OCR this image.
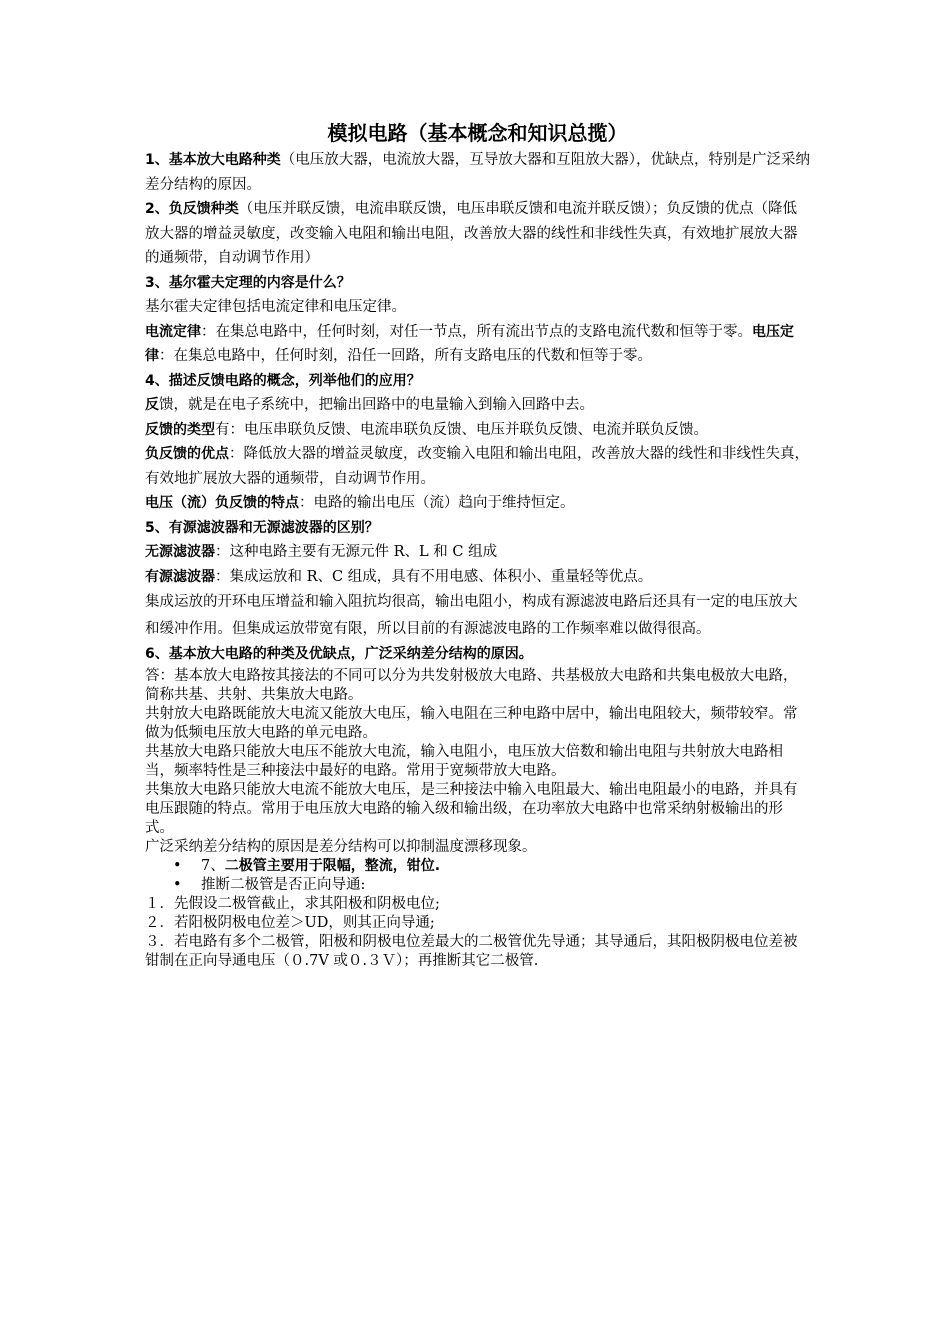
模拟电路（基本概念和知识总揽）

1、基本放大电路种类（电压放大器，电流放大器，互导放大器和互阻放大器），优缺点，特别是广泛采纳差分结构的原因。

2、负反馈种类（电压并联反馈，电流串联反馈，电压串联反馈和电流并联反馈）；负反馈的优点（降低放大器的增益灵敏度，改变输入电阻和输出电阻，改善放大器的线性和非线性失真，有效地扩展放大器的通频带，自动调节作用）

3、基尔霍夫定理的内容是什么？

基尔霍夫定律包括电流定律和电压定律。

电流定律：在集总电路中，任何时刻，对任一节点，所有流出节点的支路电流代数和恒等于零。电压定律：在集总电路中，任何时刻，沿任一回路，所有支路电压的代数和恒等于零。

4、描述反馈电路的概念，列举他们的应用？

反馈，就是在电子系统中，把输出回路中的电量输入到输入回路中去。

反馈的类型有：电压串联负反馈、电流串联负反馈、电压并联负反馈、电流并联负反馈。

负反馈的优点：降低放大器的增益灵敏度，改变输入电阻和输出电阻，改善放大器的线性和非线性失真，有效地扩展放大器的通频带，自动调节作用。

电压（流）负反馈的特点：电路的输出电压（流）趋向于维持恒定。

5、有源滤波器和无源滤波器的区别？

无源滤波器：这种电路主要有无源元件 R、L 和 C 组成

有源滤波器：集成运放和 R、C 组成，具有不用电感、体积小、重量轻等优点。

集成运放的开环电压增益和输入阻抗均很高，输出电阻小，构成有源滤波电路后还具有一定的电压放大和缓冲作用。但集成运放带宽有限，所以目前的有源滤波电路的工作频率难以做得很高。

6、基本放大电路的种类及优缺点，广泛采纳差分结构的原因。

答：基本放大电路按其接法的不同可以分为共发射极放大电路、共基极放大电路和共集电极放大电路，简称共基、共射、共集放大电路。

共射放大电路既能放大电流又能放大电压，输入电阻在三种电路中居中，输出电阻较大，频带较窄。常做为低频电压放大电路的单元电路。

共基放大电路只能放大电压不能放大电流，输入电阻小，电压放大倍数和输出电阻与共射放大电路相当，频率特性是三种接法中最好的电路。常用于宽频带放大电路。

共集放大电路只能放大电流不能放大电压，是三种接法中输入电阻最大、输出电阻最小的电路，并具有电压跟随的特点。常用于电压放大电路的输入级和输出级，在功率放大电路中也常采纳射极输出的形式。

广泛采纳差分结构的原因是差分结构可以抑制温度漂移现象。

• 7、二极管主要用于限幅，整流，钳位.

• 推断二极管是否正向导通:

１．先假设二极管截止，求其阳极和阴极电位;

２．若阳极阴极电位差＞UD，则其正向导通;

３．若电路有多个二极管，阳极和阴极电位差最大的二极管优先导通；其导通后，其阳极阴极电位差被钳制在正向导通电压（０.7V 或０.３Ｖ）；再推断其它二极管.
